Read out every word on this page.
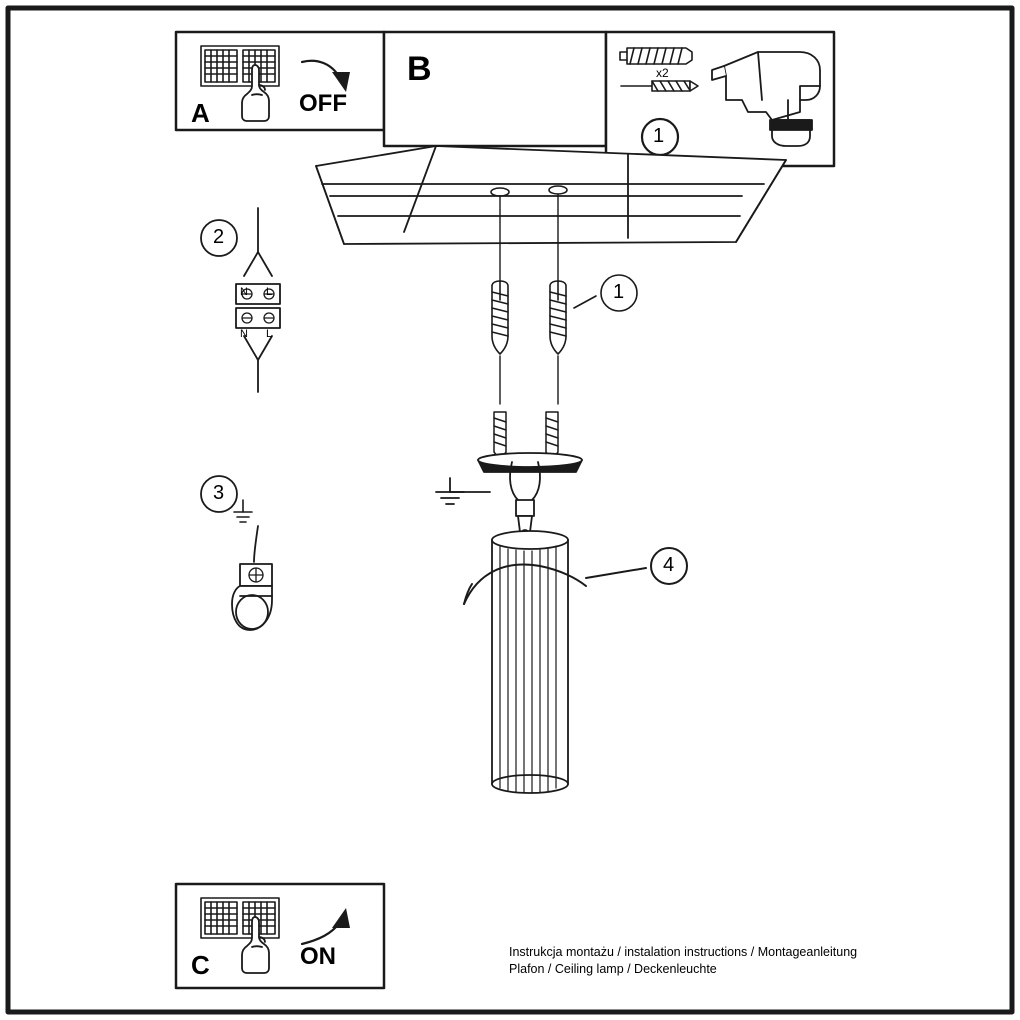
A	OFF
B
1
x2
2
3
1
4
N L
N L
C	ON	Instrukcja montażu / instalation instructions / Montageanleitung
Plafon / Ceiling lamp / Deckenleuchte
